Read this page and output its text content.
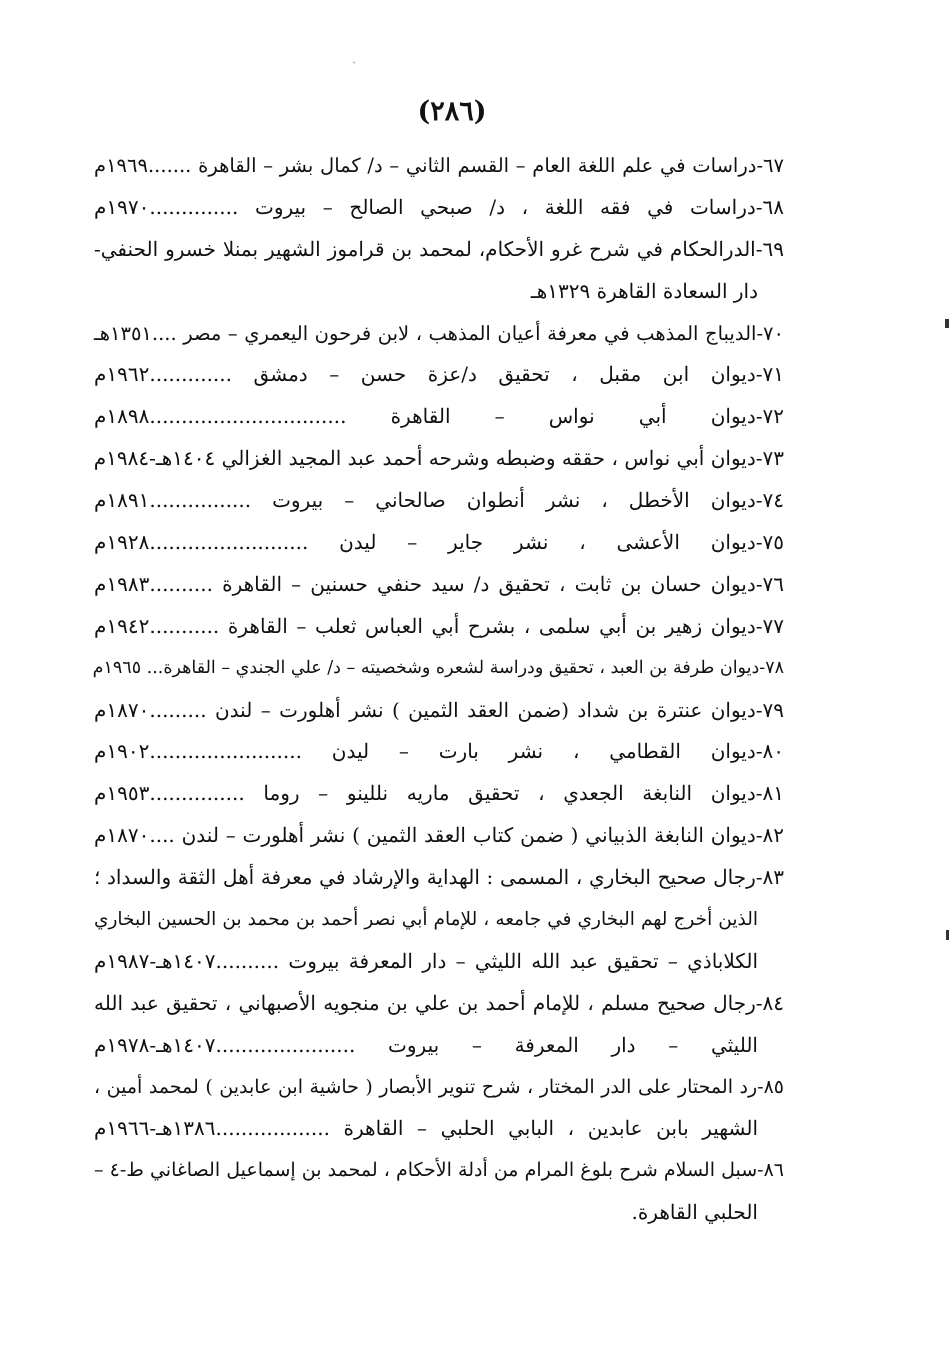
∙
(٢٨٦)
٦٧-دراسات في علم اللغة العام – القسم الثاني – د/ كمال بشر – القاهرة .......١٩٦٩م
٦٨-دراسات في فقه اللغة ، د/ صبحي الصالح – بيروت ..............١٩٧٠م
٦٩-الدرالحكام في شرح غرو الأحكام، لمحمد بن قراموز الشهير بمنلا خسرو الحنفي-
دار السعادة القاهرة ١٣٢٩هـ
٧٠-الديباج المذهب في معرفة أعيان المذهب ، لابن فرحون اليعمري – مصر ....١٣٥١هـ
٧١-ديوان ابن مقبل ، تحقيق د/عزة حسن – دمشق .............١٩٦٢م
٧٢-ديوان أبي نواس – القاهرة ...............................١٨٩٨م
٧٣-ديوان أبي نواس ، حققه وضبطه وشرحه أحمد عبد المجيد الغزالي ١٤٠٤هـ-١٩٨٤م
٧٤-ديوان الأخطل ، نشر أنطوان صالحاني – بيروت ................١٨٩١م
٧٥-ديوان الأعشى ، نشر جاير – ليدن .........................١٩٢٨م
٧٦-ديوان حسان بن ثابت ، تحقيق د/ سيد حنفي حسنين – القاهرة ..........١٩٨٣م
٧٧-ديوان زهير بن أبي سلمى ، بشرح أبي العباس ثعلب – القاهرة ...........١٩٤٢م
٧٨-ديوان طرفة بن العبد ، تحقيق ودراسة لشعره وشخصيته – د/ علي الجندي – القاهرة... ١٩٦٥م
٧٩-ديوان عنترة بن شداد (ضمن العقد الثمين ) نشر أهلورت – لندن .........١٨٧٠م
٨٠-ديوان القطامي ، نشر بارت – ليدن ........................١٩٠٢م
٨١-ديوان النابغة الجعدي ، تحقيق ماريه نللينو – روما ...............١٩٥٣م
٨٢-ديوان النابغة الذبياني ( ضمن كتاب العقد الثمين ) نشر أهلورت – لندن ....١٨٧٠م
٨٣-رجال صحيح البخاري ، المسمى : الهداية والإرشاد في معرفة أهل الثقة والسداد ؛
الذين أخرج لهم البخاري في جامعه ، للإمام أبي نصر أحمد بن محمد بن الحسين البخاري
الكلاباذي – تحقيق عبد الله الليثي – دار المعرفة بيروت ..........١٤٠٧هـ-١٩٨٧م
٨٤-رجال صحيح مسلم ، للإمام أحمد بن علي بن منجويه الأصبهاني ، تحقيق عبد الله
الليثي – دار المعرفة – بيروت ......................١٤٠٧هـ-١٩٧٨م
٨٥-رد المحتار على الدر المختار ، شرح تنوير الأبصار ( حاشية ابن عابدين ) لمحمد أمين ،
الشهير بابن عابدين ، البابي الحلبي – القاهرة ..................١٣٨٦هـ-١٩٦٦م
٨٦-سبل السلام شرح بلوغ المرام من أدلة الأحكام ، لمحمد بن إسماعيل الصاغاني ط-٤ –
الحلبي القاهرة.
